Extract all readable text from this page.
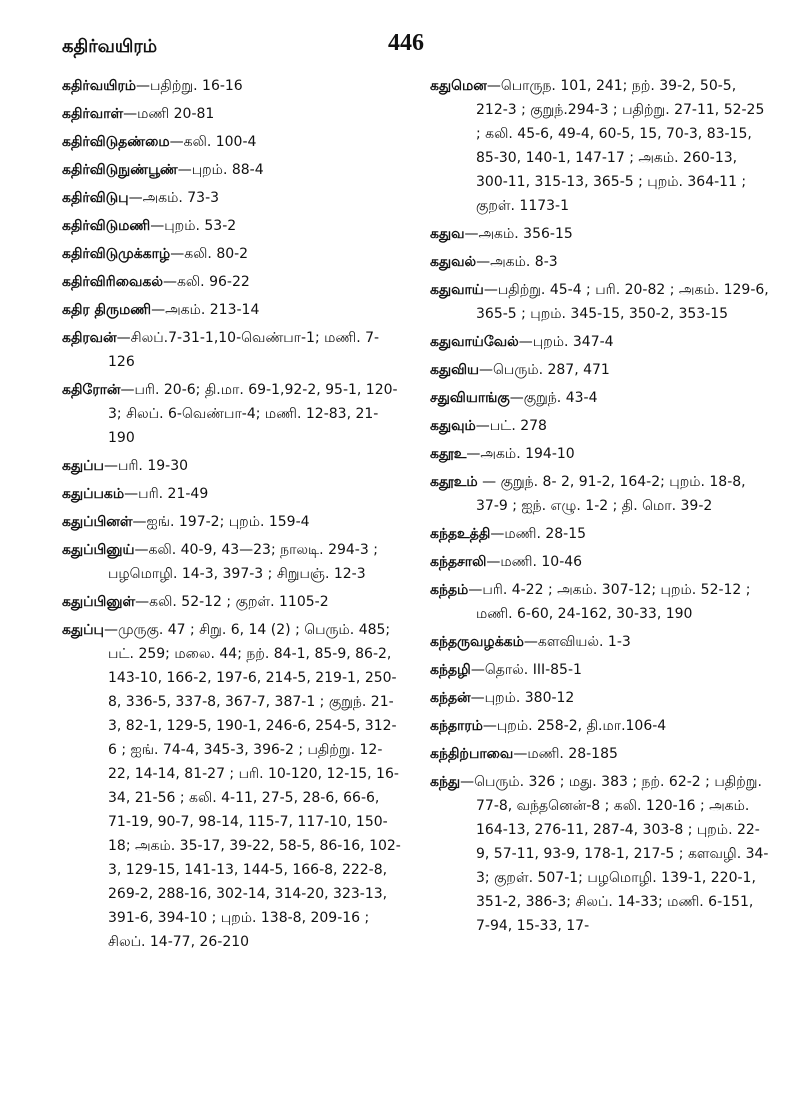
கதிர்வயிரம்	446
கதிர்வயிரம்—பதிற்று. 16-16
கதிர்வாள்—மணி 20-81
கதிர்விடுதண்மை—கலி. 100-4
கதிர்விடுநுண்பூண்—புறம். 88-4
கதிர்விடுபு—அகம். 73-3
கதிர்விடுமணி—புறம். 53-2
கதிர்விடுமுக்காழ்—கலி. 80-2
கதிர்விரிவைகல்—கலி. 96-22
கதிர திருமணி—அகம். 213-14
கதிரவன்—சிலப்.7-31-1,10-வெண்பா-1; மணி. 7-126
கதிரோன்—பரி. 20-6; தி.மா. 69-1,92-2, 95-1, 120-3; சிலப். 6-வெண்பா-4; மணி. 12-83, 21-190
கதுப்ப—பரி. 19-30
கதுப்பகம்—பரி. 21-49
கதுப்பினள்—ஐங். 197-2; புறம். 159-4
கதுப்பினுய்—கலி. 40-9, 43—23; நாலடி. 294-3 ; பழமொழி. 14-3, 397-3 ; சிறுபஞ். 12-3
கதுப்பினுள்—கலி. 52-12 ; குறள். 1105-2
கதுப்பு—முருகு. 47 ; சிறு. 6, 14 (2) ; பெரும். 485; பட். 259; மலை. 44; நற். 84-1, 85-9, 86-2, 143-10, 166-2, 197-6, 214-5, 219-1, 250-8, 336-5, 337-8, 367-7, 387-1 ; குறுந். 21-3, 82-1, 129-5, 190-1, 246-6, 254-5, 312-6 ; ஐங். 74-4, 345-3, 396-2 ; பதிற்று. 12-22, 14-14, 81-27 ; பரி. 10-120, 12-15, 16-34, 21-56 ; கலி. 4-11, 27-5, 28-6, 66-6, 71-19, 90-7, 98-14, 115-7, 117-10, 150-18; அகம். 35-17, 39-22, 58-5, 86-16, 102-3, 129-15, 141-13, 144-5, 166-8, 222-8, 269-2, 288-16, 302-14, 314-20, 323-13, 391-6, 394-10 ; புறம். 138-8, 209-16 ; சிலப். 14-77, 26-210
கதுமென—பொருந. 101, 241; நற். 39-2, 50-5, 212-3 ; குறுந்.294-3 ; பதிற்று. 27-11, 52-25 ; கலி. 45-6, 49-4, 60-5, 15, 70-3, 83-15, 85-30, 140-1, 147-17 ; அகம். 260-13, 300-11, 315-13, 365-5 ; புறம். 364-11 ; குறள். 1173-1
கதுவ—அகம். 356-15
கதுவல்—அகம். 8-3
கதுவாய்—பதிற்று. 45-4 ; பரி. 20-82 ; அகம். 129-6, 365-5 ; புறம். 345-15, 350-2, 353-15
கதுவாய்வேல்—புறம். 347-4
கதுவிய—பெரும். 287, 471
சதுவியாங்கு—குறுந். 43-4
கதுவும்—பட். 278
கதூஉ—அகம். 194-10
கதூஉம் — குறுந். 8- 2, 91-2, 164-2; புறம். 18-8, 37-9 ; ஐந். எழு. 1-2 ; தி. மொ. 39-2
கந்தஉத்தி—மணி. 28-15
கந்தசாலி—மணி. 10-46
கந்தம்—பரி. 4-22 ; அகம். 307-12; புறம். 52-12 ; மணி. 6-60, 24-162, 30-33, 190
கந்தருவழக்கம்—களவியல். 1-3
கந்தழி—தொல். III-85-1
கந்தன்—புறம். 380-12
கந்தாரம்—புறம். 258-2, தி.மா.106-4
கந்திற்பாவை—மணி. 28-185
கந்து—பெரும். 326 ; மது. 383 ; நற். 62-2 ; பதிற்று. 77-8, வந்தனென்-8 ; கலி. 120-16 ; அகம். 164-13, 276-11, 287-4, 303-8 ; புறம். 22-9, 57-11, 93-9, 178-1, 217-5 ; களவழி. 34-3; குறள். 507-1; பழமொழி. 139-1, 220-1, 351-2, 386-3; சிலப். 14-33; மணி. 6-151, 7-94, 15-33, 17-
